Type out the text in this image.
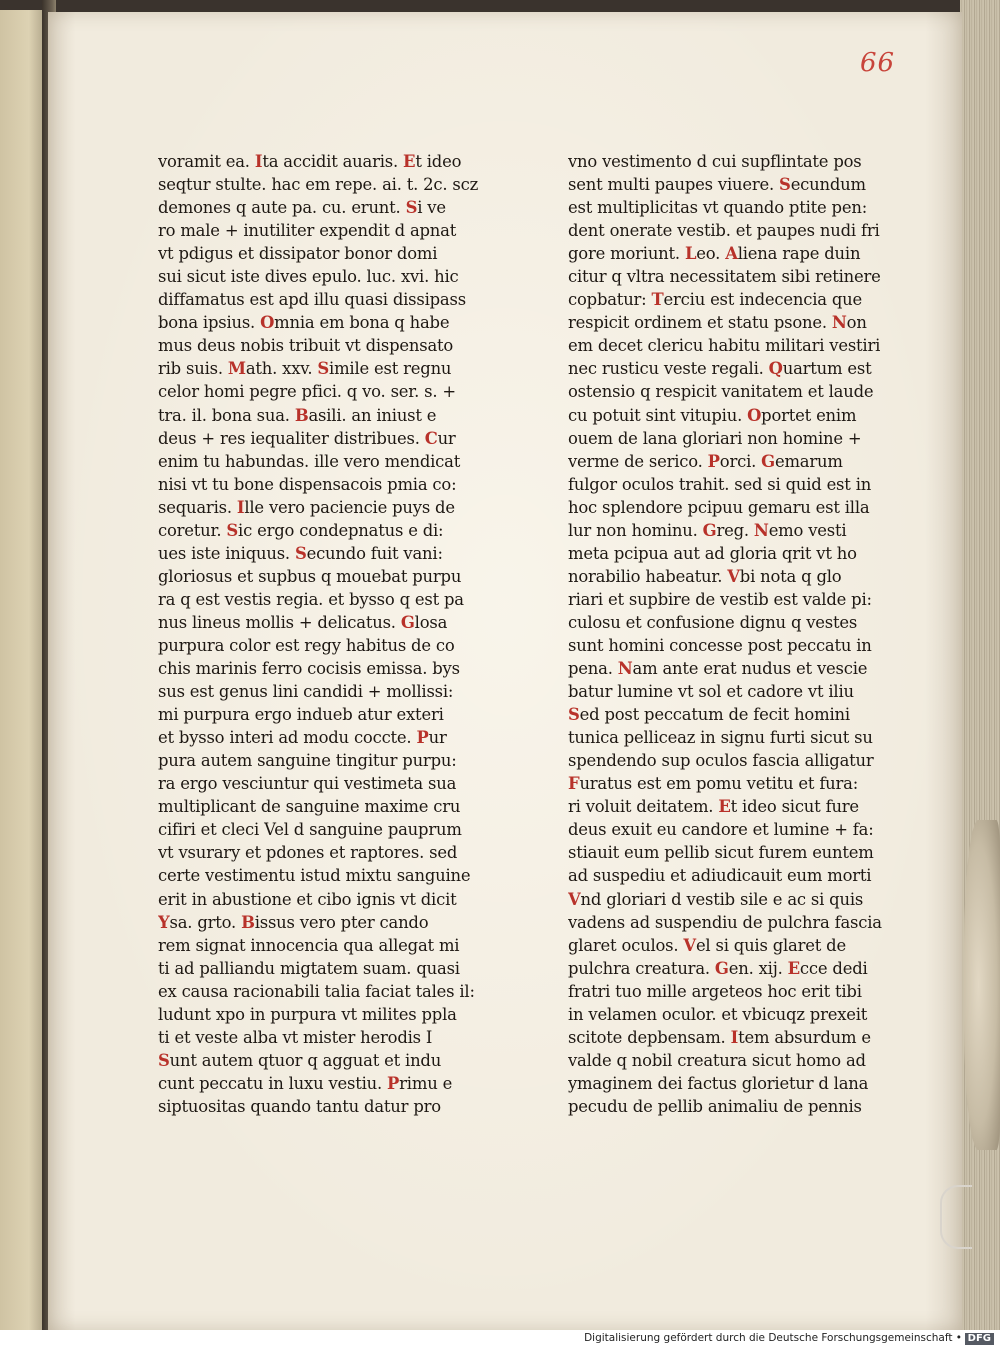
66
voramit ea. Ita accidit auaris. Et ideo
seqtur stulte. hac em repe. ai. t. 2c. scz
demones q aute pa. cu. erunt. Si ve
ro male + inutiliter expendit d apnat
vt pdigus et dissipator bonor domi
sui sicut iste dives epulo. luc. xvi. hic
diffamatus est apd illu quasi dissipass
bona ipsius. Omnia em bona q habe
mus deus nobis tribuit vt dispensato
rib suis. Math. xxv. Simile est regnu
celor homi pegre pfici. q vo. ser. s. +
tra. il. bona sua. Basili. an iniust e
deus + res iequaliter distribues. Cur
enim tu habundas. ille vero mendicat
nisi vt tu bone dispensacois pmia co:
sequaris. Ille vero paciencie puys de
coretur. Sic ergo condepnatus e di:
ues iste iniquus. Secundo fuit vani:
gloriosus et supbus q mouebat purpu
ra q est vestis regia. et bysso q est pa
nus lineus mollis + delicatus. Glosa
purpura color est regy habitus de co
chis marinis ferro cocisis emissa. bys
sus est genus lini candidi + mollissi:
mi purpura ergo indueb atur exteri
et bysso interi ad modu coccte. Pur
pura autem sanguine tingitur purpu:
ra ergo vesciuntur qui vestimeta sua
multiplicant de sanguine maxime cru
cifiri et cleci Vel d sanguine pauprum
vt vsurary et pdones et raptores. sed
certe vestimentu istud mixtu sanguine
erit in abustione et cibo ignis vt dicit
Ysa. grto. Bissus vero pter cando
rem signat innocencia qua allegat mi
ti ad palliandu migtatem suam. quasi
ex causa racionabili talia faciat tales il:
ludunt xpo in purpura vt milites ppla
ti et veste alba vt mister herodis I
Sunt autem qtuor q agguat et indu
cunt peccatu in luxu vestiu. Primu e
siptuositas quando tantu datur pro
vno vestimento d cui supflintate pos
sent multi paupes viuere. Secundum
est multiplicitas vt quando ptite pen:
dent onerate vestib. et paupes nudi fri
gore moriunt. Leo. Aliena rape duin
citur q vltra necessitatem sibi retinere
copbatur: Terciu est indecencia que
respicit ordinem et statu psone. Non
em decet clericu habitu militari vestiri
nec rusticu veste regali. Quartum est
ostensio q respicit vanitatem et laude
cu potuit sint vitupiu. Oportet enim
ouem de lana gloriari non homine +
verme de serico. Porci. Gemarum
fulgor oculos trahit. sed si quid est in
hoc splendore pcipuu gemaru est illa
lur non hominu. Greg. Nemo vesti
meta pcipua aut ad gloria qrit vt ho
norabilio habeatur. Vbi nota q glo
riari et supbire de vestib est valde pi:
culosu et confusione dignu q vestes
sunt homini concesse post peccatu in
pena. Nam ante erat nudus et vescie
batur lumine vt sol et cadore vt iliu
Sed post peccatum de fecit homini
tunica pelliceaz in signu furti sicut su
spendendo sup oculos fascia alligatur
Furatus est em pomu vetitu et fura:
ri voluit deitatem. Et ideo sicut fure
deus exuit eu candore et lumine + fa:
stiauit eum pellib sicut furem euntem
ad suspediu et adiudicauit eum morti
Vnd gloriari d vestib sile e ac si quis
vadens ad suspendiu de pulchra fascia
glaret oculos. Vel si quis glaret de
pulchra creatura. Gen. xij. Ecce dedi
fratri tuo mille argeteos hoc erit tibi
in velamen oculor. et vbicuqz prexeit
scitote depbensam. Item absurdum e
valde q nobil creatura sicut homo ad
ymaginem dei factus glorietur d lana
pecudu de pellib animaliu de pennis
Digitalisierung gefördert durch die Deutsche Forschungsgemeinschaft • DFG
